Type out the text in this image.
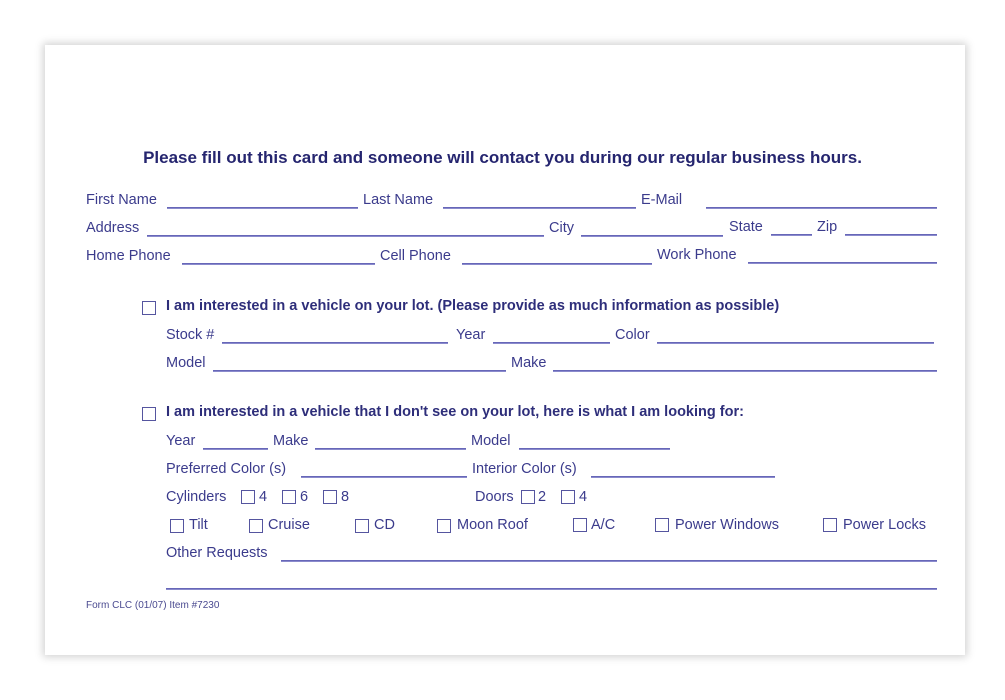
Please fill out this card and someone will contact you during our regular business hours.
First Name	Last Name	E-Mail
Address	City	State	Zip
Home Phone	Cell Phone	Work Phone
I am interested in a vehicle on your lot. (Please provide as much information as possible)
Stock #	Year	Color
Model	Make
I am interested in a vehicle that I don't see on your lot, here is what I am looking for:
Year	Make	Model
Preferred Color (s)	Interior Color (s)
Cylinders 4 6 8	Doors 2 4
Tilt	Cruise	CD	Moon Roof	A/C	Power Windows	Power Locks
Other Requests
Form CLC (01/07) Item #7230
